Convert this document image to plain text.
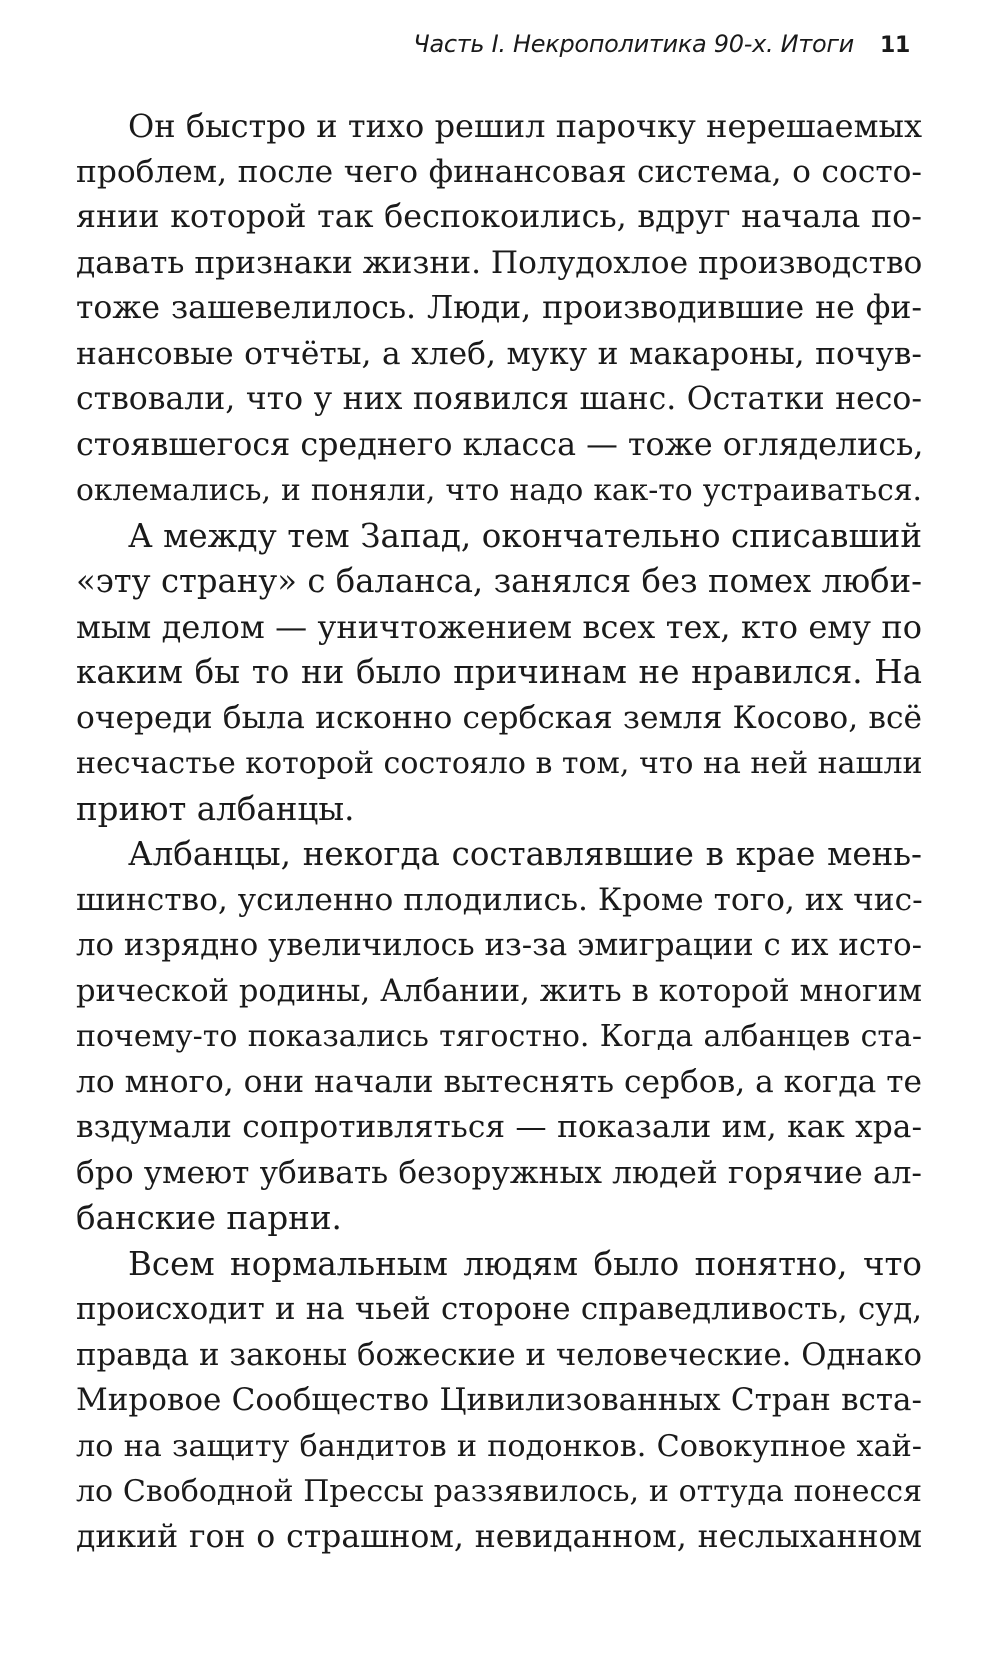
Часть I. Некрополитика 90-х. Итоги 11
Он быстро и тихо решил парочку нерешаемых
проблем, после чего финансовая система, о состо-
янии которой так беспокоились, вдруг начала по-
давать признаки жизни. Полудохлое производство
тоже зашевелилось. Люди, производившие не фи-
нансовые отчёты, а хлеб, муку и макароны, почув-
ствовали, что у них появился шанс. Остатки несо-
стоявшегося среднего класса — тоже огляделись,
оклемались, и поняли, что надо как-то устраиваться.
А между тем Запад, окончательно списавший
«эту страну» с баланса, занялся без помех люби-
мым делом — уничтожением всех тех, кто ему по
каким бы то ни было причинам не нравился. На
очереди была исконно сербская земля Косово, всё
несчастье которой состояло в том, что на ней нашли
приют албанцы.
Албанцы, некогда составлявшие в крае мень-
шинство, усиленно плодились. Кроме того, их чис-
ло изрядно увеличилось из-за эмиграции с их исто-
рической родины, Албании, жить в которой многим
почему-то показались тягостно. Когда албанцев ста-
ло много, они начали вытеснять сербов, а когда те
вздумали сопротивляться — показали им, как хра-
бро умеют убивать безоружных людей горячие ал-
банские парни.
Всем нормальным людям было понятно, что
происходит и на чьей стороне справедливость, суд,
правда и законы божеские и человеческие. Однако
Мировое Сообщество Цивилизованных Стран вста-
ло на защиту бандитов и подонков. Совокупное хай-
ло Свободной Прессы раззявилось, и оттуда понесся
дикий гон о страшном, невиданном, неслыханном
